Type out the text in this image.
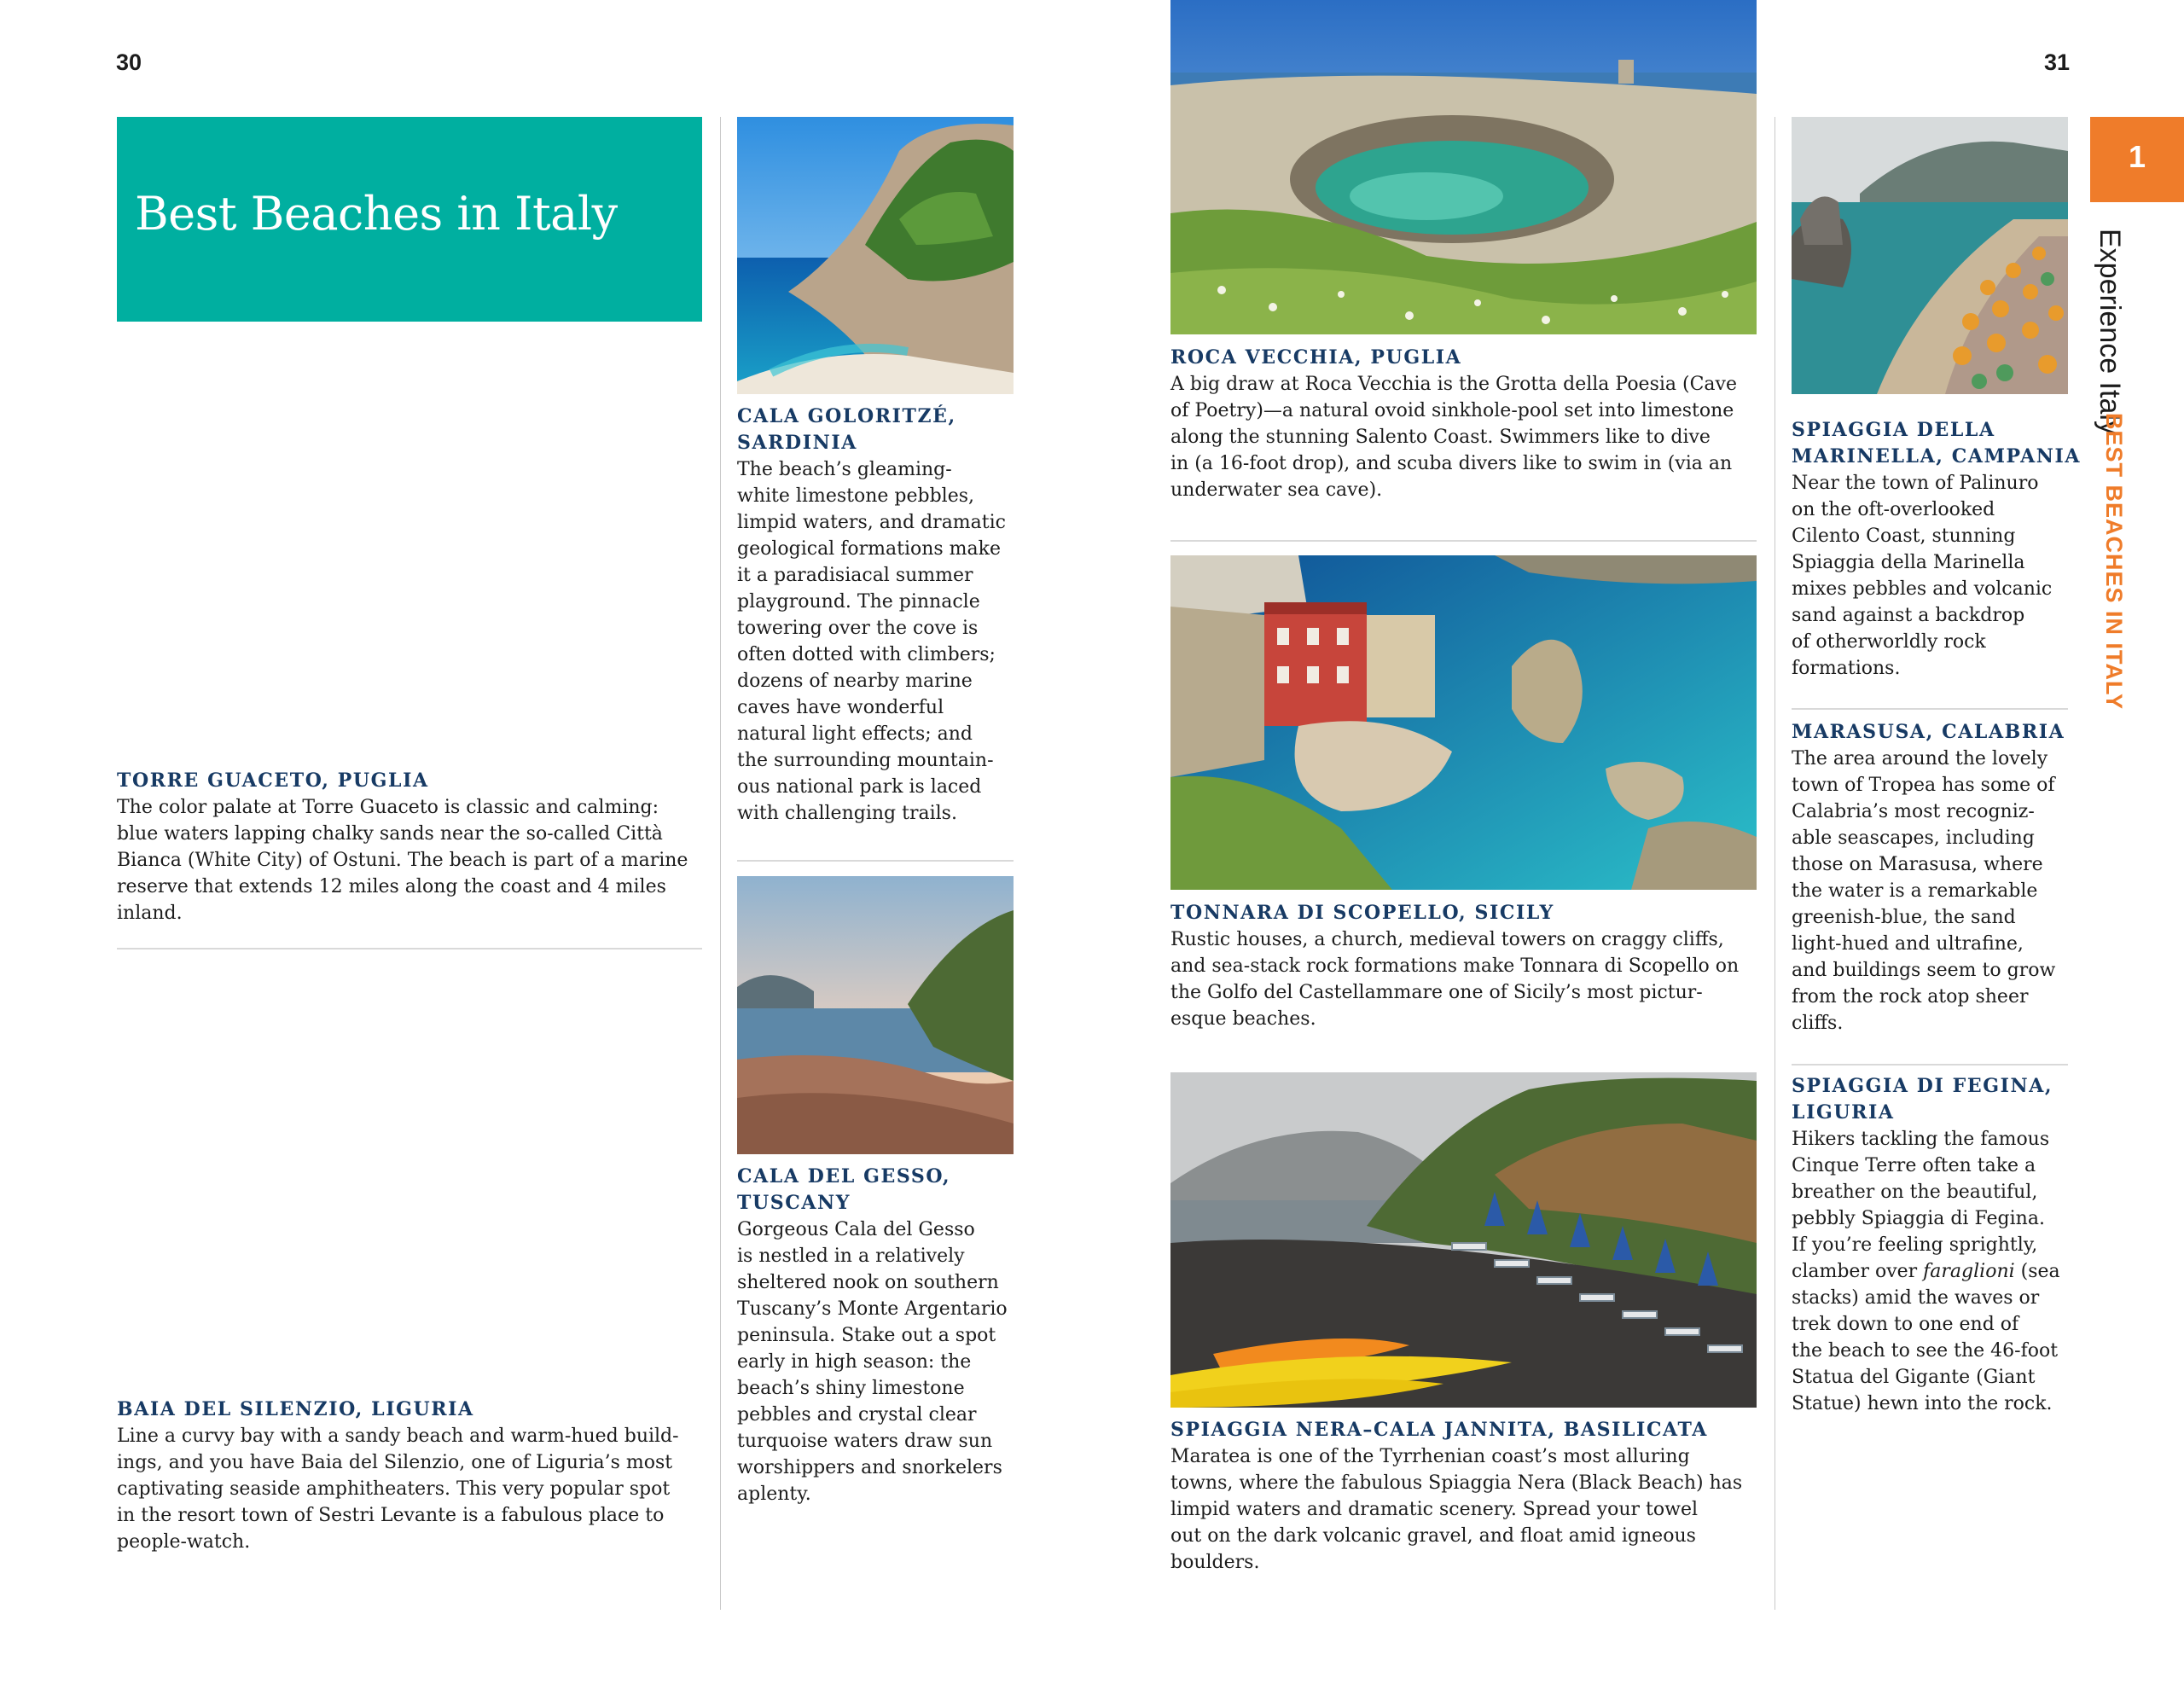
30	31
Best Beaches in Italy
1
Experience Italy
BEST BEACHES IN ITALY
TORRE GUACETO, PUGLIA

The color palate at Torre Guaceto is classic and calming:
blue waters lapping chalky sands near the so-called Città
Bianca (White City) of Ostuni. The beach is part of a marine
reserve that extends 12 miles along the coast and 4 miles
inland.

BAIA DEL SILENZIO, LIGURIA

Line a curvy bay with a sandy beach and warm-hued build-
ings, and you have Baia del Silenzio, one of Liguria’s most
captivating seaside amphitheaters. This very popular spot
in the resort town of Sestri Levante is a fabulous place to
people-watch.

CALA GOLORITZÉ,
SARDINIA

The beach’s gleaming-
white limestone pebbles,
limpid waters, and dramatic
geological formations make
it a paradisiacal summer
playground. The pinnacle
towering over the cove is
often dotted with climbers;
dozens of nearby marine
caves have wonderful
natural light effects; and
the surrounding mountain-
ous national park is laced
with challenging trails.

CALA DEL GESSO,
TUSCANY

Gorgeous Cala del Gesso
is nestled in a relatively
sheltered nook on southern
Tuscany’s Monte Argentario
peninsula. Stake out a spot
early in high season: the
beach’s shiny limestone
pebbles and crystal clear
turquoise waters draw sun
worshippers and snorkelers
aplenty.

ROCA VECCHIA, PUGLIA

A big draw at Roca Vecchia is the Grotta della Poesia (Cave
of Poetry)—a natural ovoid sinkhole-pool set into limestone
along the stunning Salento Coast. Swimmers like to dive
in (a 16-foot drop), and scuba divers like to swim in (via an
underwater sea cave).

TONNARA DI SCOPELLO, SICILY

Rustic houses, a church, medieval towers on craggy cliffs,
and sea-stack rock formations make Tonnara di Scopello on
the Golfo del Castellammare one of Sicily’s most pictur-
esque beaches.

SPIAGGIA NERA–CALA JANNITA, BASILICATA

Maratea is one of the Tyrrhenian coast’s most alluring
towns, where the fabulous Spiaggia Nera (Black Beach) has
limpid waters and dramatic scenery. Spread your towel
out on the dark volcanic gravel, and float amid igneous
boulders.

SPIAGGIA DELLA
MARINELLA, CAMPANIA

Near the town of Palinuro
on the oft-overlooked
Cilento Coast, stunning
Spiaggia della Marinella
mixes pebbles and volcanic
sand against a backdrop
of otherworldly rock
formations.

MARASUSA, CALABRIA

The area around the lovely
town of Tropea has some of
Calabria’s most recogniz-
able seascapes, including
those on Marasusa, where
the water is a remarkable
greenish-blue, the sand
light-hued and ultrafine,
and buildings seem to grow
from the rock atop sheer
cliffs.

SPIAGGIA DI FEGINA,
LIGURIA

Hikers tackling the famous
Cinque Terre often take a
breather on the beautiful,
pebbly Spiaggia di Fegina.
If you’re feeling sprightly,
clamber over faraglioni (sea
stacks) amid the waves or
trek down to one end of
the beach to see the 46-foot
Statua del Gigante (Giant
Statue) hewn into the rock.
